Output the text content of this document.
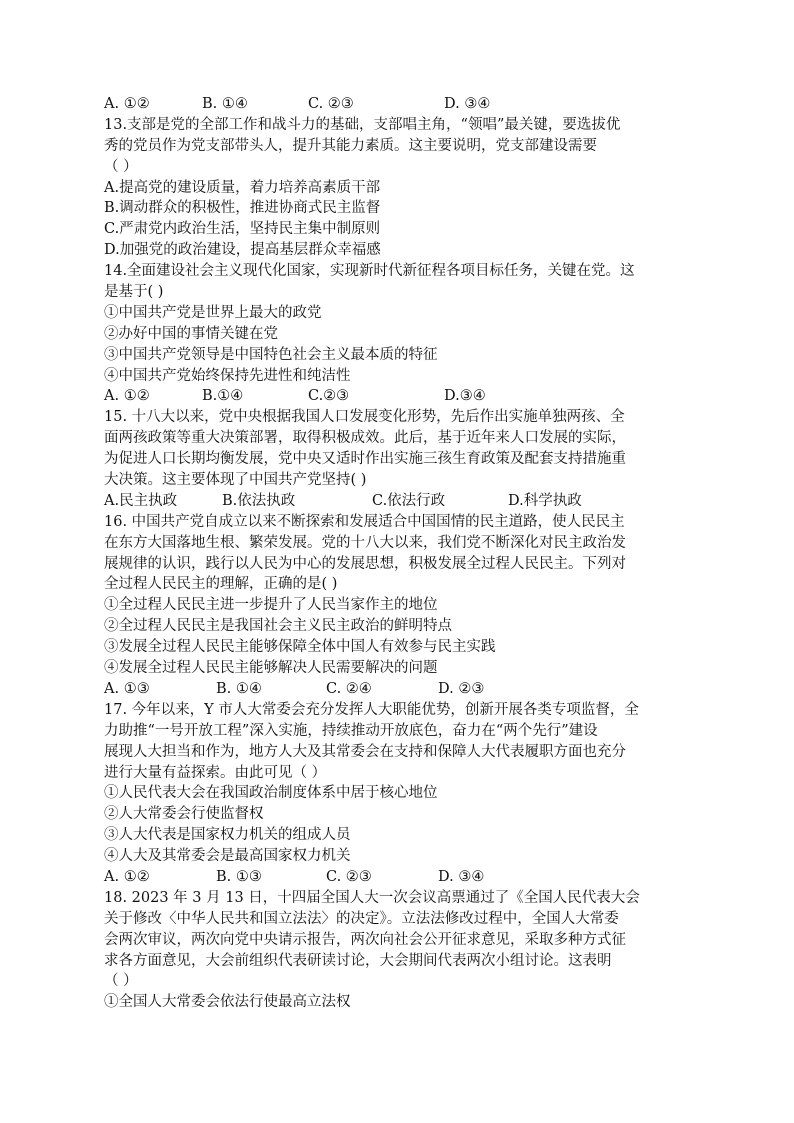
A. ①②	B. ①④	C. ②③	D. ③④
13.支部是党的全部工作和战斗力的基础，支部唱主角，“领唱”最关键，要选拔优
秀的党员作为党支部带头人，提升其能力素质。这主要说明，党支部建设需要
（ ）
A.提高党的建设质量，着力培养高素质干部
B.调动群众的积极性，推进协商式民主监督
C.严肃党内政治生活，坚持民主集中制原则
D.加强党的政治建设，提高基层群众幸福感
14.全面建设社会主义现代化国家，实现新时代新征程各项目标任务，关键在党。这
是基于( )
①中国共产党是世界上最大的政党
②办好中国的事情关键在党
③中国共产党领导是中国特色社会主义最本质的特征
④中国共产党始终保持先进性和纯洁性
A. ①②	B.①④	C.②③	D.③④
15. 十八大以来，党中央根据我国人口发展变化形势，先后作出实施单独两孩、全
面两孩政策等重大决策部署，取得积极成效。此后，基于近年来人口发展的实际，
为促进人口长期均衡发展，党中央又适时作出实施三孩生育政策及配套支持措施重
大决策。这主要体现了中国共产党坚持( )
A.民主执政	B.依法执政	C.依法行政	D.科学执政
16. 中国共产党自成立以来不断探索和发展适合中国国情的民主道路，使人民民主
在东方大国落地生根、繁荣发展。党的十八大以来，我们党不断深化对民主政治发
展规律的认识，践行以人民为中心的发展思想，积极发展全过程人民民主。下列对
全过程人民民主的理解，正确的是( )
①全过程人民民主进一步提升了人民当家作主的地位
②全过程人民民主是我国社会主义民主政治的鲜明特点
③发展全过程人民民主能够保障全体中国人有效参与民主实践
④发展全过程人民民主能够解决人民需要解决的问题
A. ①③	B. ①④	C. ②④	D. ②③
17. 今年以来，Y 市人大常委会充分发挥人大职能优势，创新开展各类专项监督，全
力助推“一号开放工程”深入实施，持续推动开放底色，奋力在“两个先行”建设
展现人大担当和作为，地方人大及其常委会在支持和保障人大代表履职方面也充分
进行大量有益探索。由此可见（ ）
①人民代表大会在我国政治制度体系中居于核心地位
②人大常委会行使监督权
③人大代表是国家权力机关的组成人员
④人大及其常委会是最高国家权力机关
A. ①②	B. ①③	C. ②③	D. ③④
18. 2023 年 3 月 13 日，十四届全国人大一次会议高票通过了《全国人民代表大会
关于修改〈中华人民共和国立法法〉的决定》。立法法修改过程中，全国人大常委
会两次审议，两次向党中央请示报告，两次向社会公开征求意见，采取多种方式征
求各方面意见，大会前组织代表研读讨论，大会期间代表两次小组讨论。这表明
（ ）
①全国人大常委会依法行使最高立法权
